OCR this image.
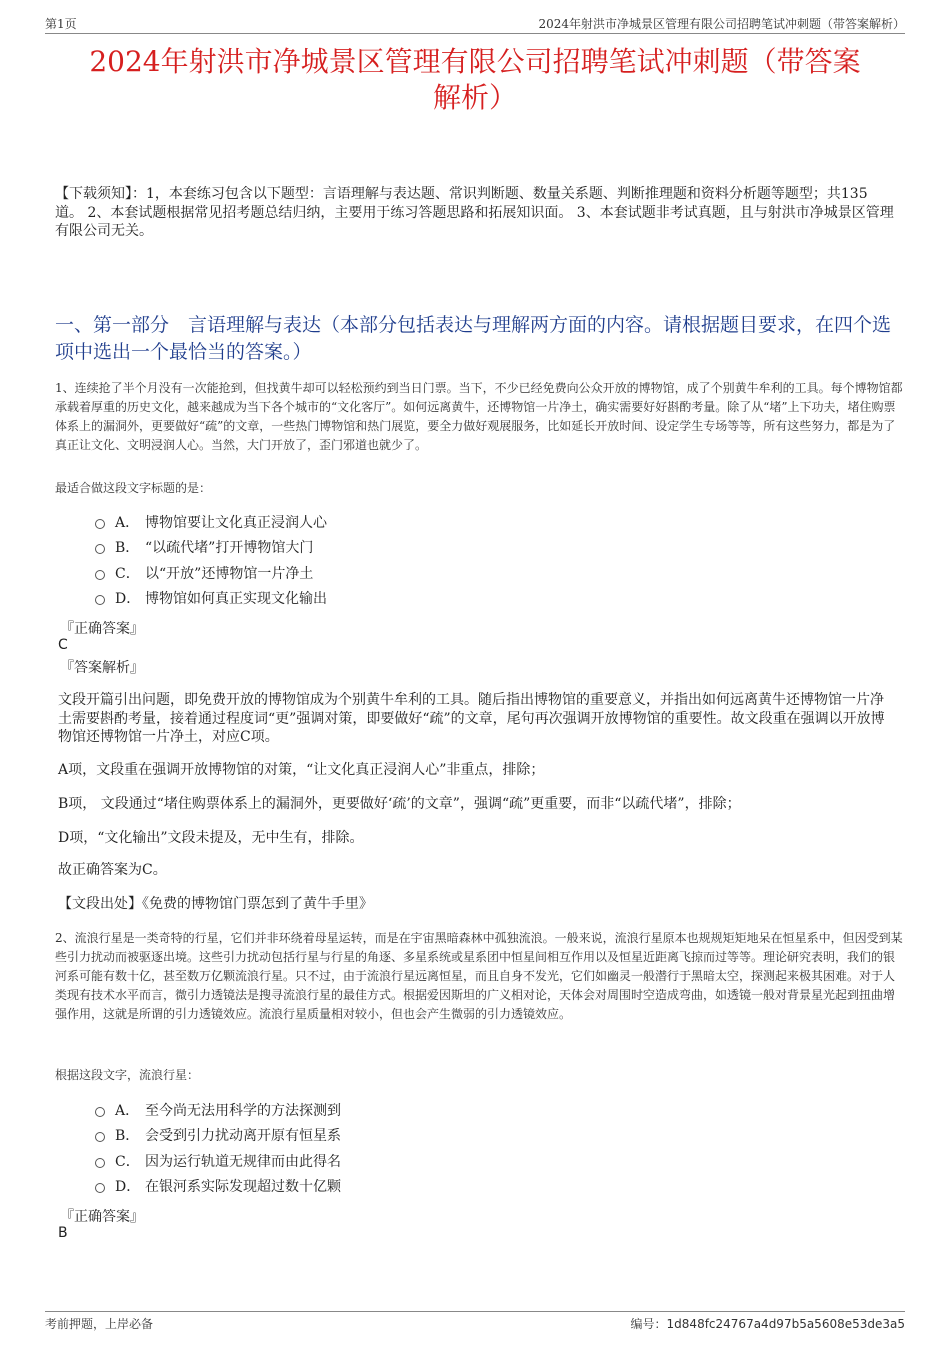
第1页	2024年射洪市净城景区管理有限公司招聘笔试冲刺题（带答案解析）
2024年射洪市净城景区管理有限公司招聘笔试冲刺题（带答案
解析）
【下载须知】：1，本套练习包含以下题型：言语理解与表达题、常识判断题、数量关系题、判断推理题和资料分析题等题型；共135道。 2、本套试题根据常见招考题总结归纳，主要用于练习答题思路和拓展知识面。 3、本套试题非考试真题，且与射洪市净城景区管理有限公司无关。
一、第一部分　言语理解与表达（本部分包括表达与理解两方面的内容。请根据题目要求，在四个选项中选出一个最恰当的答案。）
1、连续抢了半个月没有一次能抢到，但找黄牛却可以轻松预约到当日门票。当下，不少已经免费向公众开放的博物馆，成了个别黄牛牟利的工具。每个博物馆都承载着厚重的历史文化，越来越成为当下各个城市的“文化客厅”。如何远离黄牛，还博物馆一片净土，确实需要好好斟酌考量。除了从“堵”上下功夫，堵住购票体系上的漏洞外，更要做好“疏”的文章，一些热门博物馆和热门展览，要全力做好观展服务，比如延长开放时间、设定学生专场等等，所有这些努力，都是为了真正让文化、文明浸润人心。当然，大门开放了，歪门邪道也就少了。
最适合做这段文字标题的是：
A． 博物馆要让文化真正浸润人心
B． “以疏代堵”打开博物馆大门
C． 以“开放”还博物馆一片净土
D． 博物馆如何真正实现文化输出
『正确答案』
C
『答案解析』
文段开篇引出问题，即免费开放的博物馆成为个别黄牛牟利的工具。随后指出博物馆的重要意义，并指出如何远离黄牛还博物馆一片净土需要斟酌考量，接着通过程度词“更”强调对策，即要做好“疏”的文章，尾句再次强调开放博物馆的重要性。故文段重在强调以开放博物馆还博物馆一片净土，对应C项。
A项，文段重在强调开放博物馆的对策，“让文化真正浸润人心”非重点，排除；
B项， 文段通过“堵住购票体系上的漏洞外，更要做好‘疏’的文章”，强调“疏”更重要，而非“以疏代堵”，排除；
D项，“文化输出”文段未提及，无中生有，排除。
故正确答案为C。
【文段出处】《免费的博物馆门票怎到了黄牛手里》
2、流浪行星是一类奇特的行星，它们并非环绕着母星运转，而是在宇宙黑暗森林中孤独流浪。一般来说，流浪行星原本也规规矩矩地呆在恒星系中，但因受到某些引力扰动而被驱逐出境。这些引力扰动包括行星与行星的角逐、多星系统或星系团中恒星间相互作用以及恒星近距离飞掠而过等等。理论研究表明，我们的银河系可能有数十亿，甚至数万亿颗流浪行星。只不过，由于流浪行星远离恒星，而且自身不发光，它们如幽灵一般潜行于黑暗太空，探测起来极其困难。对于人类现有技术水平而言，微引力透镜法是搜寻流浪行星的最佳方式。根据爱因斯坦的广义相对论，天体会对周围时空造成弯曲，如透镜一般对背景星光起到扭曲增强作用，这就是所谓的引力透镜效应。流浪行星质量相对较小，但也会产生微弱的引力透镜效应。
根据这段文字，流浪行星：
A． 至今尚无法用科学的方法探测到
B． 会受到引力扰动离开原有恒星系
C． 因为运行轨道无规律而由此得名
D． 在银河系实际发现超过数十亿颗
『正确答案』
B
考前押题，上岸必备	编号：1d848fc24767a4d97b5a5608e53de3a5
